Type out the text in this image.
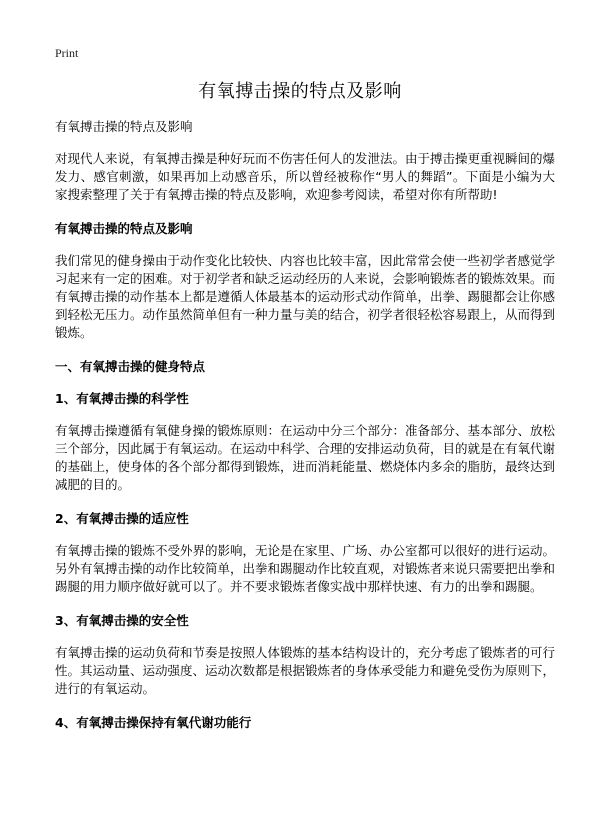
Print
有氧搏击操的特点及影响

有氧搏击操的特点及影响

对现代人来说，有氧搏击操是种好玩而不伤害任何人的发泄法。由于搏击操更重视瞬间的爆发力、感官刺激，如果再加上动感音乐，所以曾经被称作“男人的舞蹈”。下面是小编为大家搜索整理了关于有氧搏击操的特点及影响，欢迎参考阅读，希望对你有所帮助!

有氧搏击操的特点及影响

我们常见的健身操由于动作变化比较快、内容也比较丰富，因此常常会使一些初学者感觉学习起来有一定的困难。对于初学者和缺乏运动经历的人来说，会影响锻炼者的锻炼效果。而有氧搏击操的动作基本上都是遵循人体最基本的运动形式动作简单，出拳、踢腿都会让你感到轻松无压力。动作虽然简单但有一种力量与美的结合，初学者很轻松容易跟上，从而得到锻炼。

一、有氧搏击操的健身特点

1、有氧搏击操的科学性

有氧搏击操遵循有氧健身操的锻炼原则：在运动中分三个部分：准备部分、基本部分、放松三个部分，因此属于有氧运动。在运动中科学、合理的安排运动负荷，目的就是在有氧代谢的基础上，使身体的各个部分都得到锻炼，进而消耗能量、燃烧体内多余的脂肪，最终达到减肥的目的。

2、有氧搏击操的适应性

有氧搏击操的锻炼不受外界的影响，无论是在家里、广场、办公室都可以很好的进行运动。另外有氧搏击操的动作比较简单，出拳和踢腿动作比较直观，对锻炼者来说只需要把出拳和踢腿的用力顺序做好就可以了。并不要求锻炼者像实战中那样快速、有力的出拳和踢腿。

3、有氧搏击操的安全性

有氧搏击操的运动负荷和节奏是按照人体锻炼的基本结构设计的，充分考虑了锻炼者的可行性。其运动量、运动强度、运动次数都是根据锻炼者的身体承受能力和避免受伤为原则下，进行的有氧运动。

4、有氧搏击操保持有氧代谢功能行
